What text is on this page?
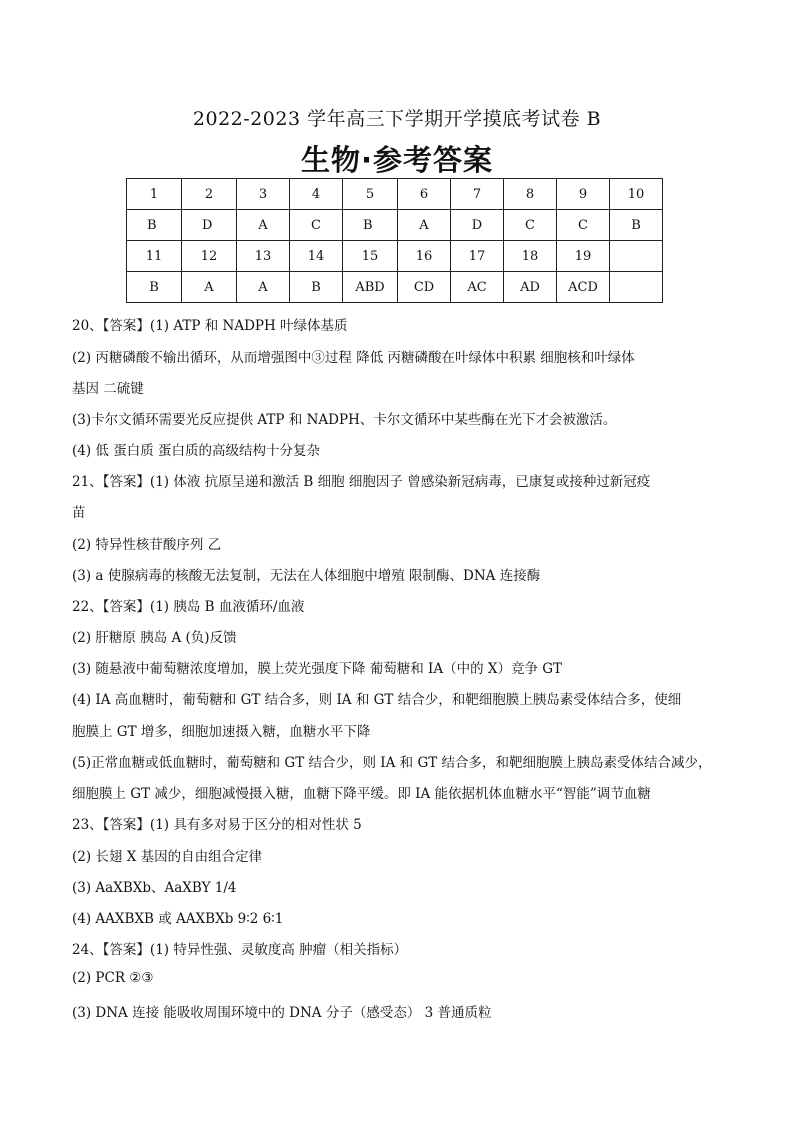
2022-2023 学年高三下学期开学摸底考试卷 B
生物·参考答案
1	2	3	4	5	6	7	8	9	10
B	D	A	C	B	A	D	C	C	B
11	12	13	14	15	16	17	18	19	
B	A	A	B	ABD	CD	AC	AD	ACD	
20、【答案】(1) ATP 和 NADPH 叶绿体基质
(2) 丙糖磷酸不输出循环，从而增强图中③过程 降低 丙糖磷酸在叶绿体中积累 细胞核和叶绿体
基因 二硫键
(3)卡尔文循环需要光反应提供 ATP 和 NADPH、卡尔文循环中某些酶在光下才会被激活。
(4) 低 蛋白质 蛋白质的高级结构十分复杂
21、【答案】(1) 体液 抗原呈递和激活 B 细胞 细胞因子 曾感染新冠病毒，已康复或接种过新冠疫
苗
(2) 特异性核苷酸序列 乙
(3) a 使腺病毒的核酸无法复制，无法在人体细胞中增殖 限制酶、DNA 连接酶
22、【答案】(1) 胰岛 B 血液循环/血液
(2) 肝糖原 胰岛 A (负)反馈
(3) 随悬液中葡萄糖浓度增加，膜上荧光强度下降 葡萄糖和 IA（中的 X）竞争 GT
(4) IA 高血糖时，葡萄糖和 GT 结合多，则 IA 和 GT 结合少，和靶细胞膜上胰岛素受体结合多，使细
胞膜上 GT 增多，细胞加速摄入糖，血糖水平下降
(5)正常血糖或低血糖时，葡萄糖和 GT 结合少，则 IA 和 GT 结合多，和靶细胞膜上胰岛素受体结合减少，
细胞膜上 GT 减少，细胞减慢摄入糖，血糖下降平缓。即 IA 能依据机体血糖水平“智能”调节血糖
23、【答案】(1) 具有多对易于区分的相对性状 5
(2) 长翅 X 基因的自由组合定律
(3) AaXBXb、AaXBY 1/4
(4) AAXBXB 或 AAXBXb 9∶2 6∶1
24、【答案】(1) 特异性强、灵敏度高 肿瘤（相关指标）
(2) PCR ②③
(3) DNA 连接 能吸收周围环境中的 DNA 分子（感受态） 3 普通质粒
